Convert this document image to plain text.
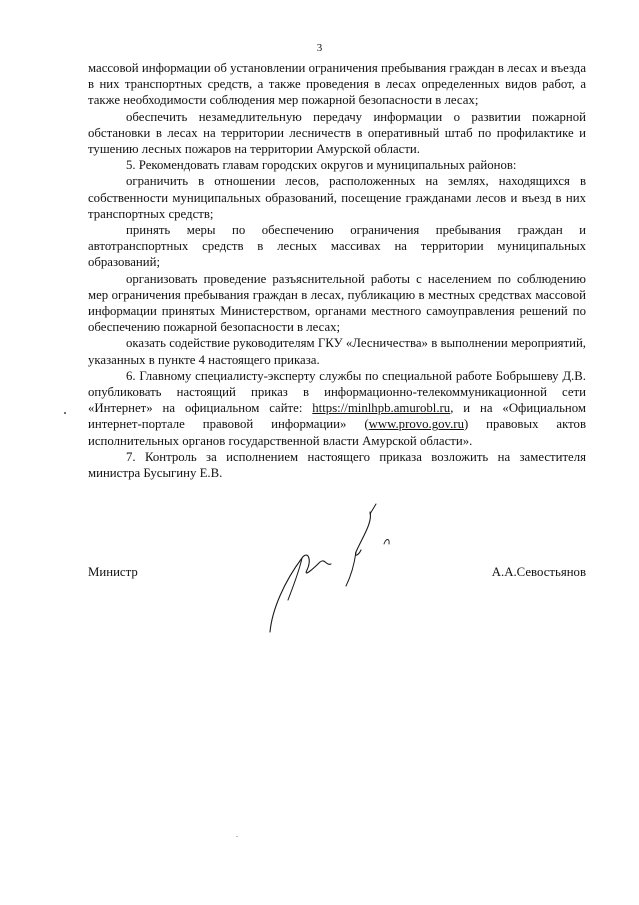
3

массовой информации об установлении ограничения пребывания граждан в лесах и въезда в них транспортных средств, а также проведения в лесах определенных видов работ, а также необходимости соблюдения мер пожарной безопасности в лесах;

обеспечить незамедлительную передачу информации о развитии пожарной обстановки в лесах на территории лесничеств в оперативный штаб по профилактике и тушению лесных пожаров на территории Амурской области.

5. Рекомендовать главам городских округов и муниципальных районов:

ограничить в отношении лесов, расположенных на землях, находящихся в собственности муниципальных образований, посещение гражданами лесов и въезд в них транспортных средств;

принять меры по обеспечению ограничения пребывания граждан и автотранспортных средств в лесных массивах на территории муниципальных образований;

организовать проведение разъяснительной работы с населением по соблюдению мер ограничения пребывания граждан в лесах, публикацию в местных средствах массовой информации принятых Министерством, органами местного самоуправления решений по обеспечению пожарной безопасности в лесах;

оказать содействие руководителям ГКУ «Лесничества» в выполнении мероприятий, указанных в пункте 4 настоящего приказа.

6. Главному специалисту-эксперту службы по специальной работе Бобрышеву Д.В. опубликовать настоящий приказ в информационно-телекоммуникационной сети «Интернет» на официальном сайте: https://minlhpb.amurobl.ru, и на «Официальном интернет-портале правовой информации» (www.provo.gov.ru) правовых актов исполнительных органов государственной власти Амурской области».

7. Контроль за исполнением настоящего приказа возложить на заместителя министра Бусыгину Е.В.

Министр	А.А.Севостьянов
